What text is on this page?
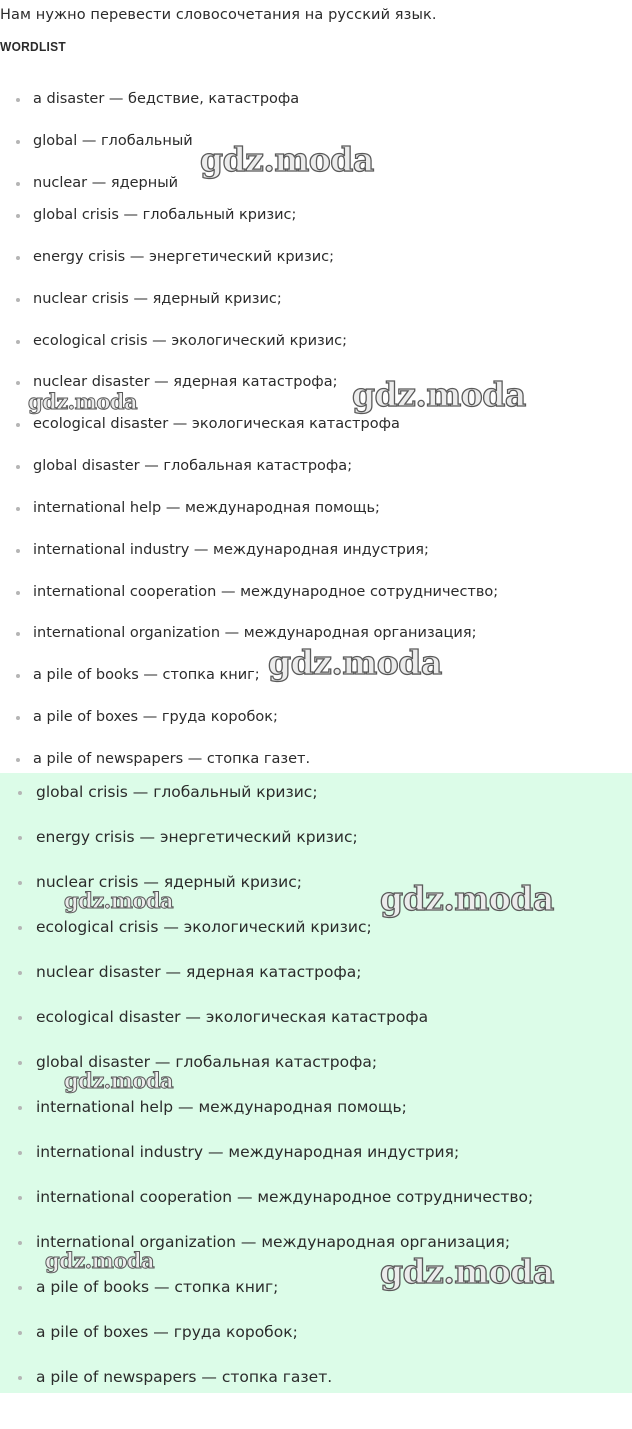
Нам нужно перевести словосочетания на русский язык.
WORDLIST
a disaster — бедствие, катастрофа
global — глобальный
nuclear — ядерный
global crisis — глобальный кризис;
energy crisis — энергетический кризис;
nuclear crisis — ядерный кризис;
ecological crisis — экологический кризис;
nuclear disaster — ядерная катастрофа;
ecological disaster — экологическая катастрофа
global disaster — глобальная катастрофа;
international help — международная помощь;
international industry — международная индустрия;
international cooperation — международное сотрудничество;
international organization — международная организация;
a pile of books — стопка книг;
a pile of boxes — груда коробок;
a pile of newspapers — стопка газет.
global crisis — глобальный кризис;
energy crisis — энергетический кризис;
nuclear crisis — ядерный кризис;
ecological crisis — экологический кризис;
nuclear disaster — ядерная катастрофа;
ecological disaster — экологическая катастрофа
global disaster — глобальная катастрофа;
international help — международная помощь;
international industry — международная индустрия;
international cooperation — международное сотрудничество;
international organization — международная организация;
a pile of books — стопка книг;
a pile of boxes — груда коробок;
a pile of newspapers — стопка газет.
gdz.moda
gdz.moda	gdz.moda
gdz.moda
gdz.moda	gdz.moda
gdz.moda
gdz.moda	gdz.moda
